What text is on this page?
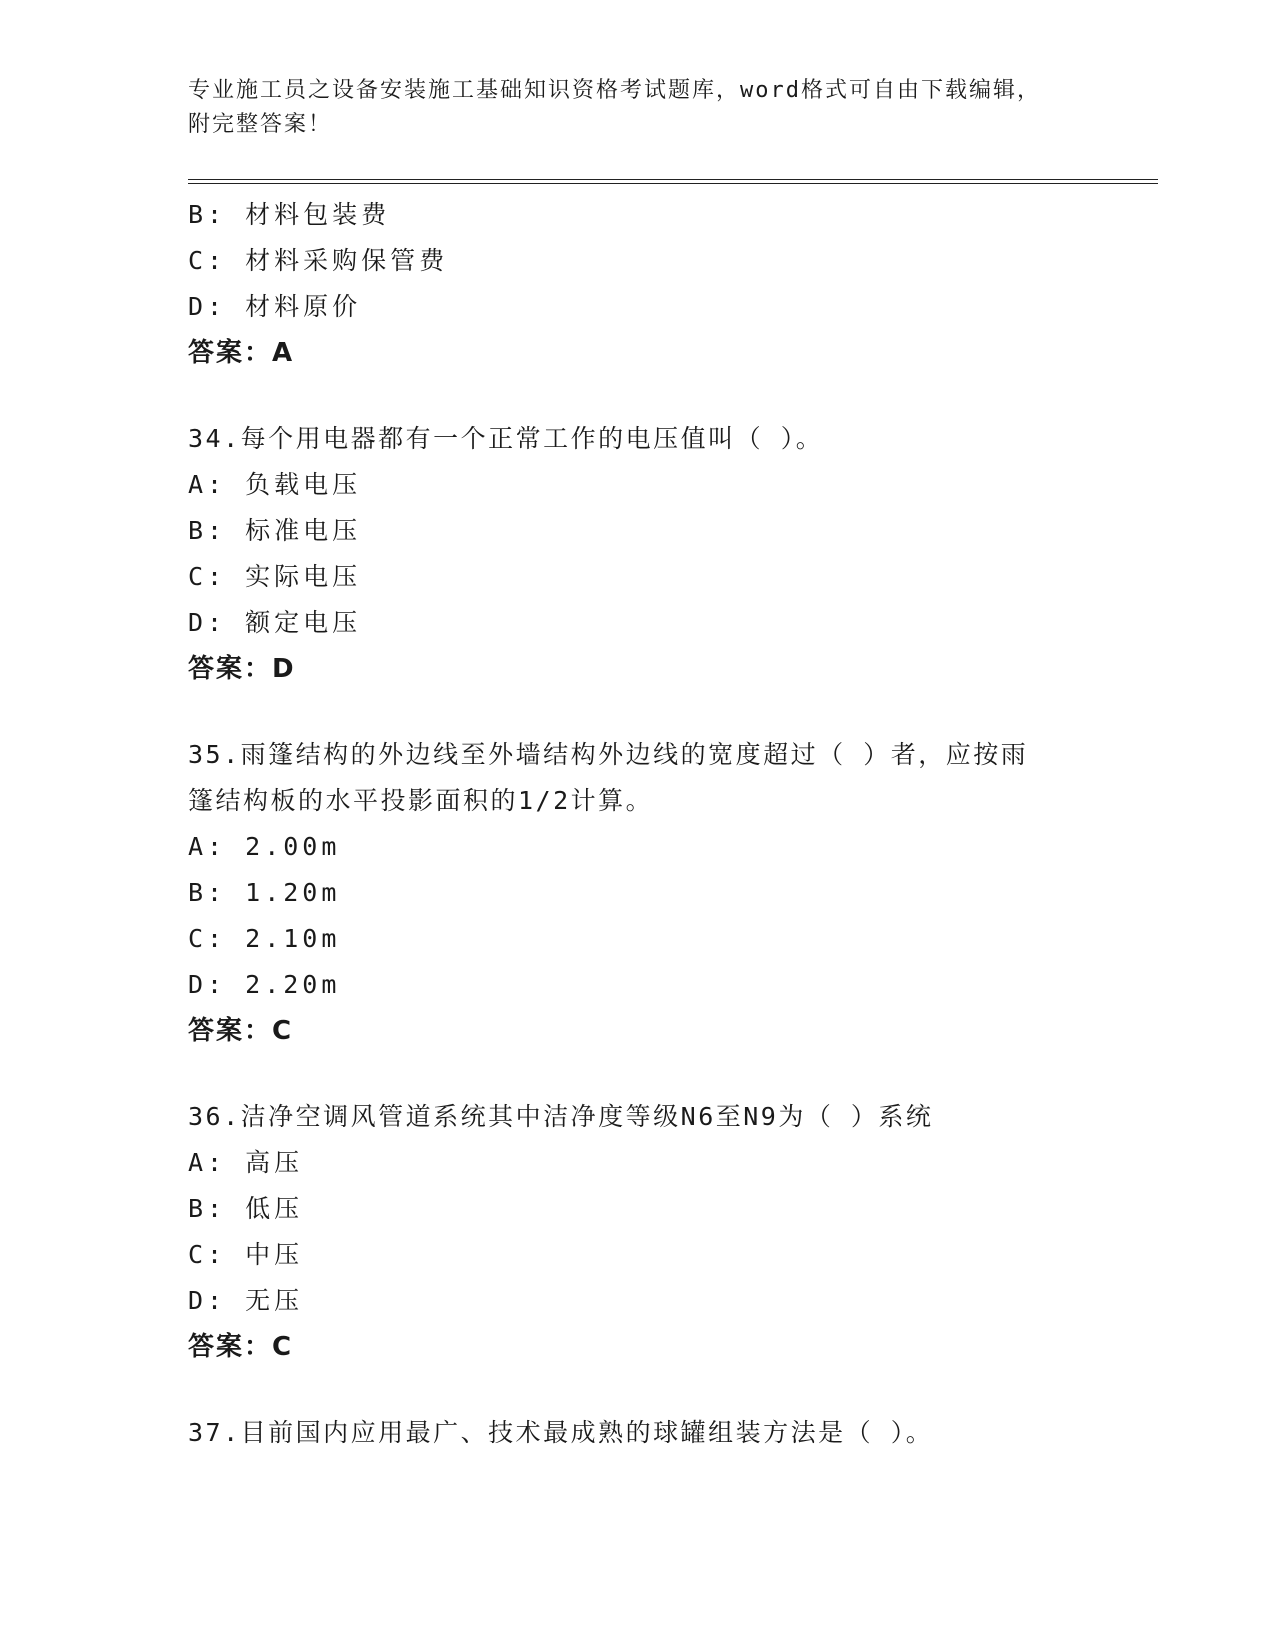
专业施工员之设备安装施工基础知识资格考试题库，word格式可自由下载编辑，
附完整答案！
B: 材料包装费
C: 材料采购保管费
D: 材料原价
答案：A
34.每个用电器都有一个正常工作的电压值叫（ ）。
A: 负载电压
B: 标准电压
C: 实际电压
D: 额定电压
答案：D
35.雨篷结构的外边线至外墙结构外边线的宽度超过（ ）者，应按雨
篷结构板的水平投影面积的1/2计算。
A: 2.00m
B: 1.20m
C: 2.10m
D: 2.20m
答案：C
36.洁净空调风管道系统其中洁净度等级N6至N9为（ ）系统
A: 高压
B: 低压
C: 中压
D: 无压
答案：C
37.目前国内应用最广、技术最成熟的球罐组装方法是（ ）。
